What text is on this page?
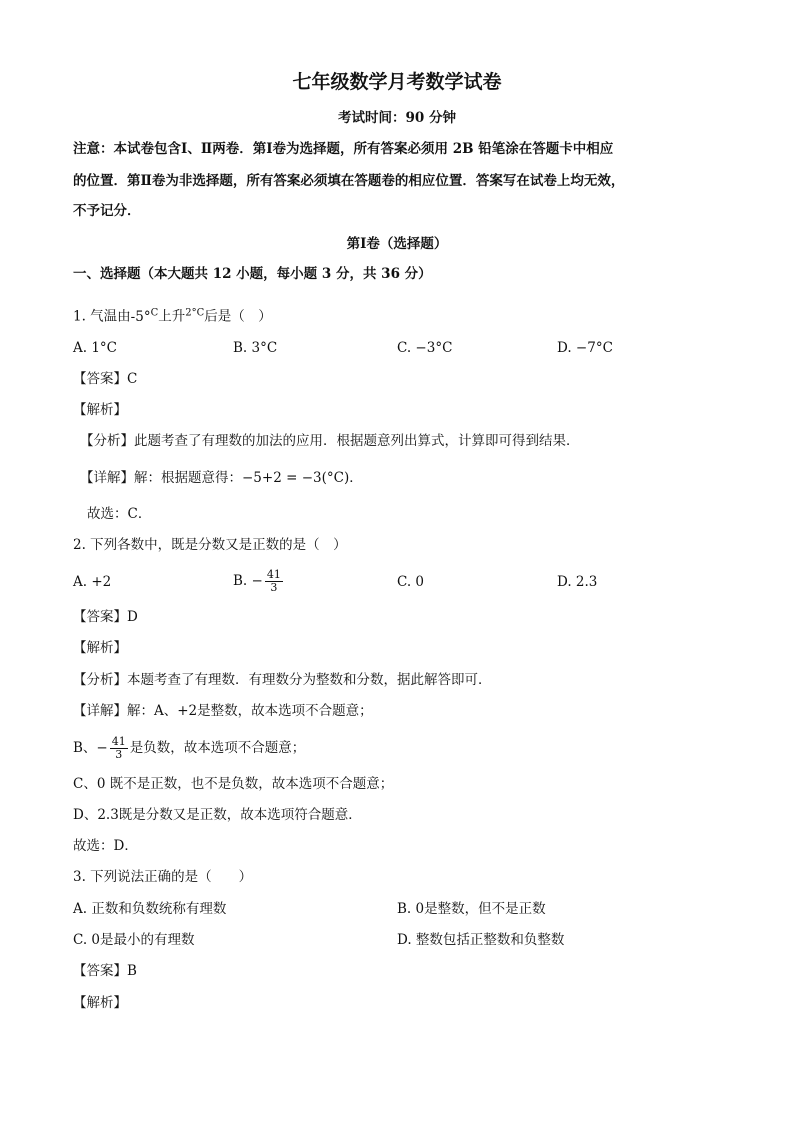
七年级数学月考数学试卷
考试时间：90 分钟
注意：本试卷包含Ⅰ、Ⅱ两卷．第Ⅰ卷为选择题，所有答案必须用 2B 铅笔涂在答题卡中相应
的位置．第Ⅱ卷为非选择题，所有答案必须填在答题卷的相应位置．答案写在试卷上均无效，
不予记分．
第Ⅰ卷（选择题）
一、选择题（本大题共 12 小题，每小题 3 分，共 36 分）
1. 气温由-5°$^C$上升$^{2^\circ C}$后是（　）
A. 1°C	B. 3°C	C. −3°C	D. −7°C
【答案】C
【解析】
【分析】此题考查了有理数的加法的应用．根据题意列出算式，计算即可得到结果．
【详解】解：根据题意得：−5+2 = −3(°C)．
故选：C．
2. 下列各数中，既是分数又是正数的是（　）
A. +2	B. − $\frac{41}{3}$	C. 0	D. 2.3
【答案】D
【解析】
【分析】本题考查了有理数．有理数分为整数和分数，据此解答即可．
【详解】解：A、+2是整数，故本选项不合题意；
B、− $\frac{41}{3}$ 是负数，故本选项不合题意；
C、0 既不是正数，也不是负数，故本选项不合题意；
D、2.3既是分数又是正数，故本选项符合题意．
故选：D．
3. 下列说法正确的是（　　）
A. 正数和负数统称有理数	B. 0是整数，但不是正数
C. 0是最小的有理数	D. 整数包括正整数和负整数
【答案】B
【解析】
